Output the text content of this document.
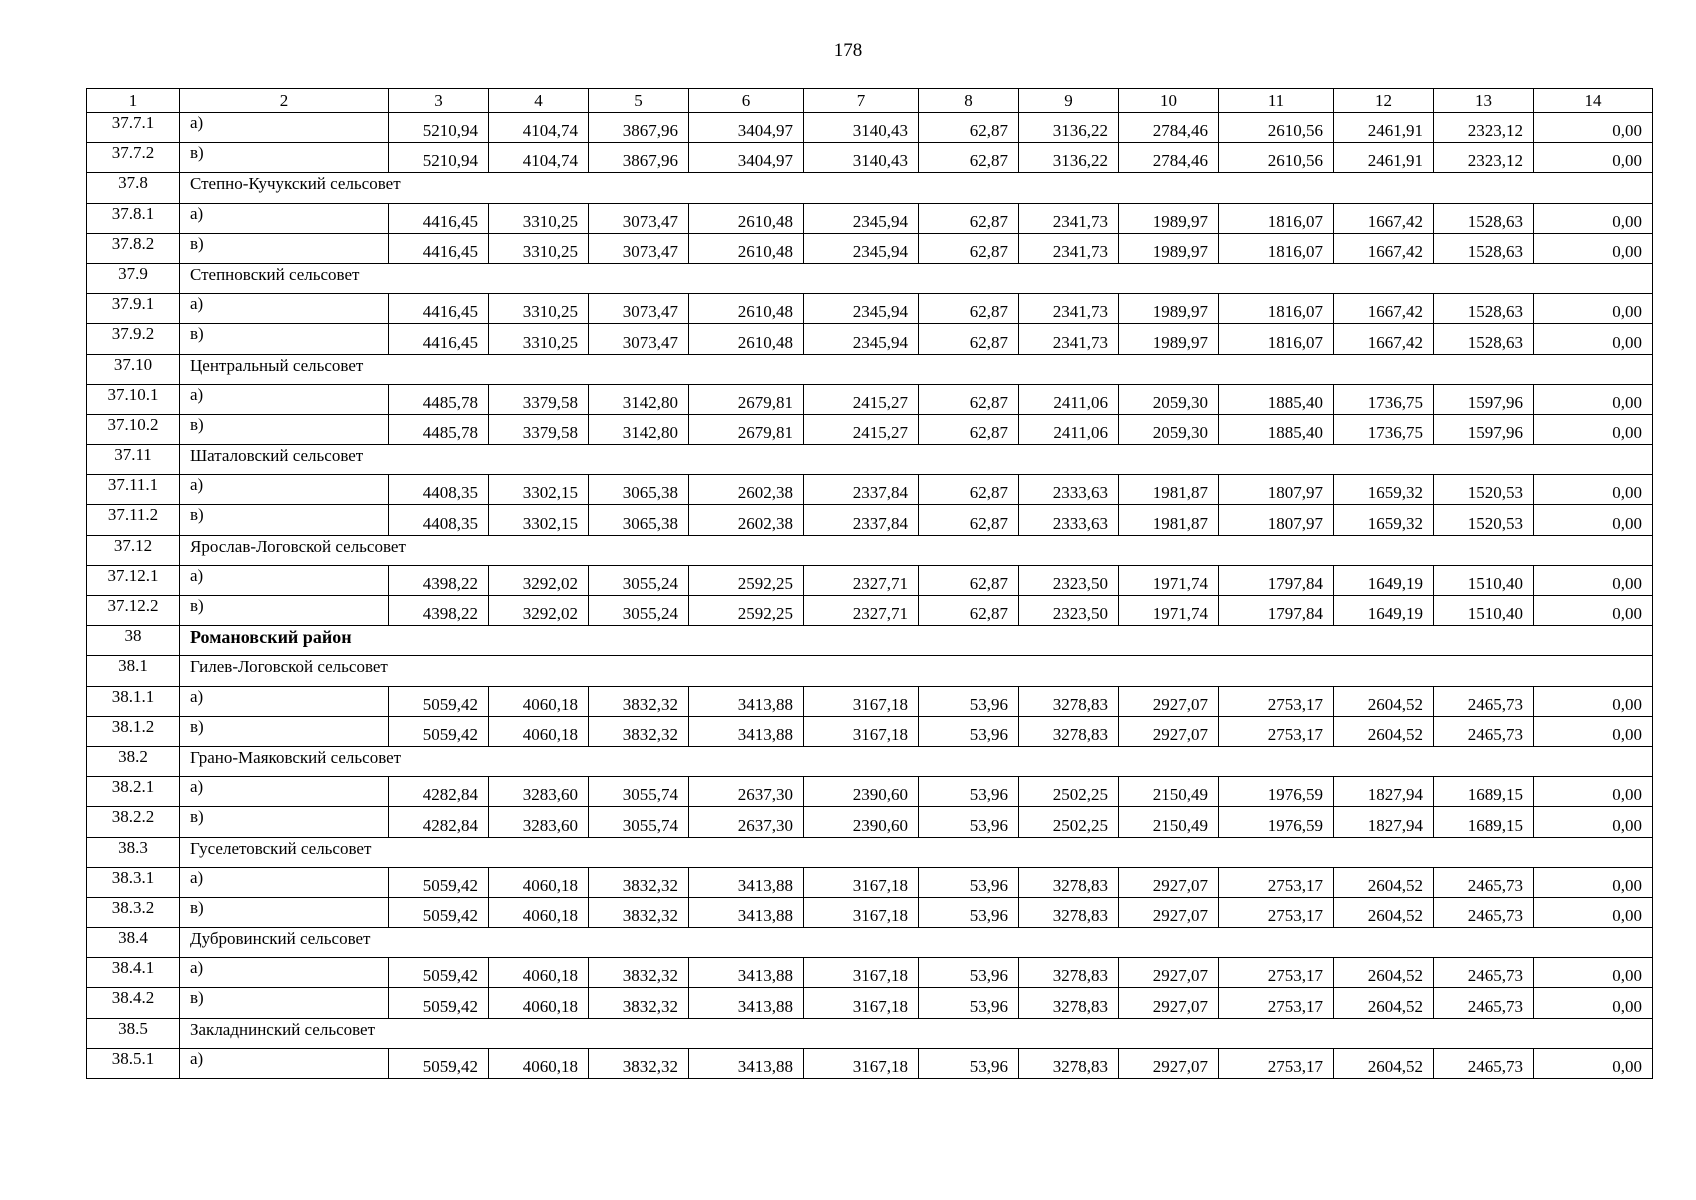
178
1	2	3	4	5	6	7	8	9	10	11	12	13	14
37.7.1	а)	5210,94	4104,74	3867,96	3404,97	3140,43	62,87	3136,22	2784,46	2610,56	2461,91	2323,12	0,00
37.7.2	в)	5210,94	4104,74	3867,96	3404,97	3140,43	62,87	3136,22	2784,46	2610,56	2461,91	2323,12	0,00
37.8	Степно-Кучукский сельсовет												
37.8.1	а)	4416,45	3310,25	3073,47	2610,48	2345,94	62,87	2341,73	1989,97	1816,07	1667,42	1528,63	0,00
37.8.2	в)	4416,45	3310,25	3073,47	2610,48	2345,94	62,87	2341,73	1989,97	1816,07	1667,42	1528,63	0,00
37.9	Степновский сельсовет												
37.9.1	а)	4416,45	3310,25	3073,47	2610,48	2345,94	62,87	2341,73	1989,97	1816,07	1667,42	1528,63	0,00
37.9.2	в)	4416,45	3310,25	3073,47	2610,48	2345,94	62,87	2341,73	1989,97	1816,07	1667,42	1528,63	0,00
37.10	Центральный сельсовет												
37.10.1	а)	4485,78	3379,58	3142,80	2679,81	2415,27	62,87	2411,06	2059,30	1885,40	1736,75	1597,96	0,00
37.10.2	в)	4485,78	3379,58	3142,80	2679,81	2415,27	62,87	2411,06	2059,30	1885,40	1736,75	1597,96	0,00
37.11	Шаталовский сельсовет												
37.11.1	а)	4408,35	3302,15	3065,38	2602,38	2337,84	62,87	2333,63	1981,87	1807,97	1659,32	1520,53	0,00
37.11.2	в)	4408,35	3302,15	3065,38	2602,38	2337,84	62,87	2333,63	1981,87	1807,97	1659,32	1520,53	0,00
37.12	Ярослав-Логовской сельсовет												
37.12.1	а)	4398,22	3292,02	3055,24	2592,25	2327,71	62,87	2323,50	1971,74	1797,84	1649,19	1510,40	0,00
37.12.2	в)	4398,22	3292,02	3055,24	2592,25	2327,71	62,87	2323,50	1971,74	1797,84	1649,19	1510,40	0,00
38	Романовский район												
38.1	Гилев-Логовской сельсовет												
38.1.1	а)	5059,42	4060,18	3832,32	3413,88	3167,18	53,96	3278,83	2927,07	2753,17	2604,52	2465,73	0,00
38.1.2	в)	5059,42	4060,18	3832,32	3413,88	3167,18	53,96	3278,83	2927,07	2753,17	2604,52	2465,73	0,00
38.2	Грано-Маяковский сельсовет												
38.2.1	а)	4282,84	3283,60	3055,74	2637,30	2390,60	53,96	2502,25	2150,49	1976,59	1827,94	1689,15	0,00
38.2.2	в)	4282,84	3283,60	3055,74	2637,30	2390,60	53,96	2502,25	2150,49	1976,59	1827,94	1689,15	0,00
38.3	Гуселетовский сельсовет												
38.3.1	а)	5059,42	4060,18	3832,32	3413,88	3167,18	53,96	3278,83	2927,07	2753,17	2604,52	2465,73	0,00
38.3.2	в)	5059,42	4060,18	3832,32	3413,88	3167,18	53,96	3278,83	2927,07	2753,17	2604,52	2465,73	0,00
38.4	Дубровинский сельсовет												
38.4.1	а)	5059,42	4060,18	3832,32	3413,88	3167,18	53,96	3278,83	2927,07	2753,17	2604,52	2465,73	0,00
38.4.2	в)	5059,42	4060,18	3832,32	3413,88	3167,18	53,96	3278,83	2927,07	2753,17	2604,52	2465,73	0,00
38.5	Закладнинский сельсовет												
38.5.1	а)	5059,42	4060,18	3832,32	3413,88	3167,18	53,96	3278,83	2927,07	2753,17	2604,52	2465,73	0,00
